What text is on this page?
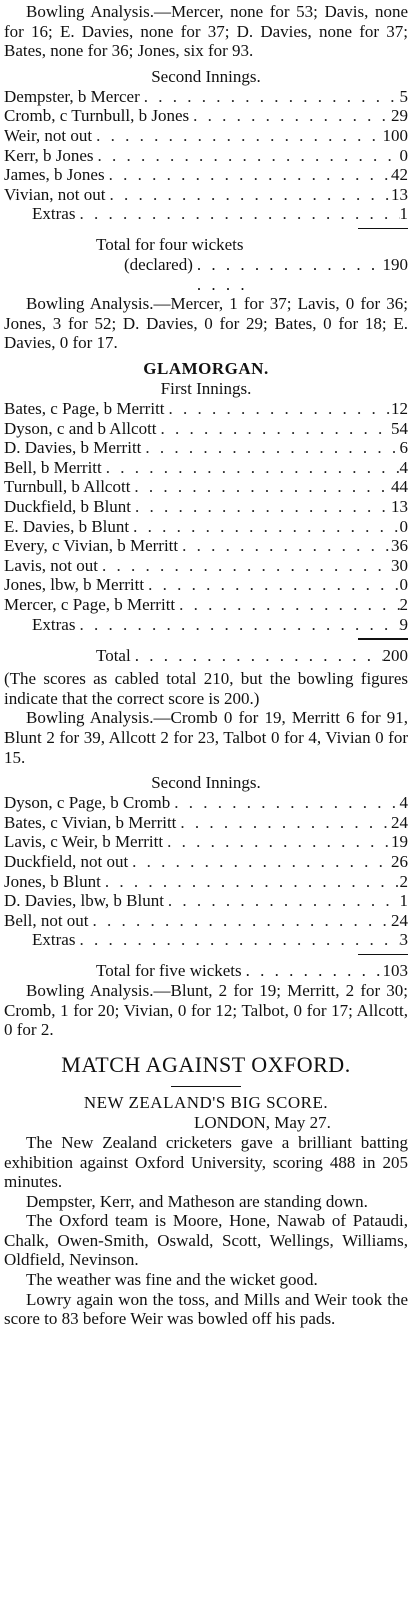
Bowling Analysis.—Mercer, none for 53; Davis, none for 16; E. Davies, none for 37; D. Davies, none for 37; Bates, none for 36; Jones, six for 93.
Second Innings.
Dempster, b Mercer . . .	5
Cromb, c Turnbull, b Jones . . .	29
Weir, not out . . .	100
Kerr, b Jones . . .	0
James, b Jones . . .	42
Vivian, not out . . .	13
Extras . . .	1
Total for four wickets
(declared) . . .	190
Bowling Analysis.—Mercer, 1 for 37; Lavis, 0 for 36; Jones, 3 for 52; D. Davies, 0 for 29; Bates, 0 for 18; E. Davies, 0 for 17.
GLAMORGAN.
First Innings.
Bates, c Page, b Merritt . . .	12
Dyson, c and b Allcott . . .	54
D. Davies, b Merritt . . .	6
Bell, b Merritt . . .	4
Turnbull, b Allcott . . .	44
Duckfield, b Blunt . . .	13
E. Davies, b Blunt . . .	0
Every, c Vivian, b Merritt . . .	36
Lavis, not out . . .	30
Jones, lbw, b Merritt . . .	0
Mercer, c Page, b Merritt . . .	2
Extras . . .	9
Total . . .	200
(The scores as cabled total 210, but the bowling figures indicate that the correct score is 200.)
Bowling Analysis.—Cromb 0 for 19, Merritt 6 for 91, Blunt 2 for 39, Allcott 2 for 23, Talbot 0 for 4, Vivian 0 for 15.
Second Innings.
Dyson, c Page, b Cromb . . .	4
Bates, c Vivian, b Merritt . . .	24
Lavis, c Weir, b Merritt . . .	19
Duckfield, not out . . .	26
Jones, b Blunt . . .	2
D. Davies, lbw, b Blunt . . .	1
Bell, not out . . .	24
Extras . . .	3
Total for five wickets . . .	103
Bowling Analysis.—Blunt, 2 for 19; Merritt, 2 for 30; Cromb, 1 for 20; Vivian, 0 for 12; Talbot, 0 for 17; Allcott, 0 for 2.
MATCH AGAINST OXFORD.
NEW ZEALAND'S BIG SCORE.
LONDON, May 27.
The New Zealand cricketers gave a brilliant batting exhibition against Oxford University, scoring 488 in 205 minutes.
Dempster, Kerr, and Matheson are standing down.
The Oxford team is Moore, Hone, Nawab of Pataudi, Chalk, Owen-Smith, Oswald, Scott, Wellings, Williams, Oldfield, Nevinson.
The weather was fine and the wicket good.
Lowry again won the toss, and Mills and Weir took the score to 83 before Weir was bowled off his pads.
